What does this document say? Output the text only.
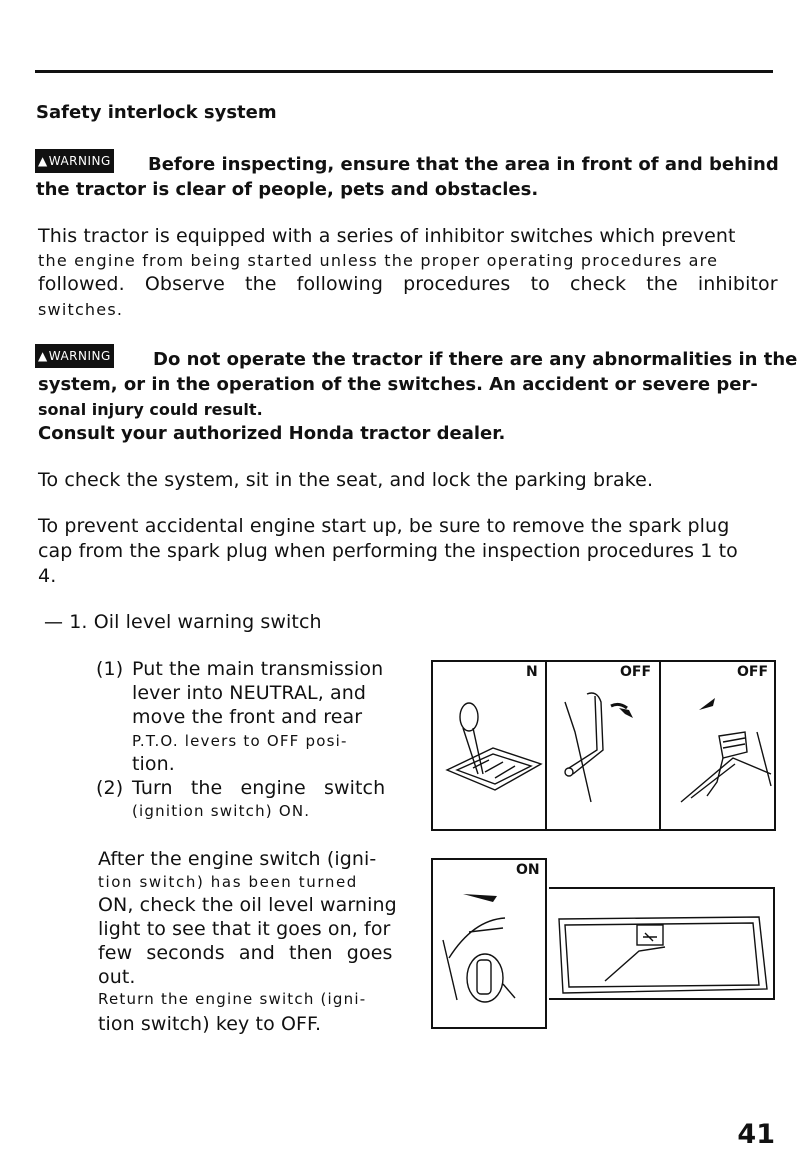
Safety interlock system
▲WARNING Before inspecting, ensure that the area in front of and behind
the tractor is clear of people, pets and obstacles.
This tractor is equipped with a series of inhibitor switches which prevent
the engine from being started unless the proper operating procedures are
followed. Observe the following procedures to check the inhibitor
switches.
▲WARNING Do not operate the tractor if there are any abnormalities in the
system, or in the operation of the switches. An accident or severe per-
sonal injury could result.
Consult your authorized Honda tractor dealer.
To check the system, sit in the seat, and lock the parking brake.
To prevent accidental engine start up, be sure to remove the spark plug
cap from the spark plug when performing the inspection procedures 1 to
4.
— 1. Oil level warning switch
(1) Put the main transmission
lever into NEUTRAL, and
move the front and rear
P.T.O. levers to OFF posi-
tion.
(2) Turn the engine switch
(ignition switch) ON.
After the engine switch (igni-
tion switch) has been turned
ON, check the oil level warning
light to see that it goes on, for
few seconds and then goes
out.
Return the engine switch (igni-
tion switch) key to OFF.
N	OFF	OFF
ON
41
